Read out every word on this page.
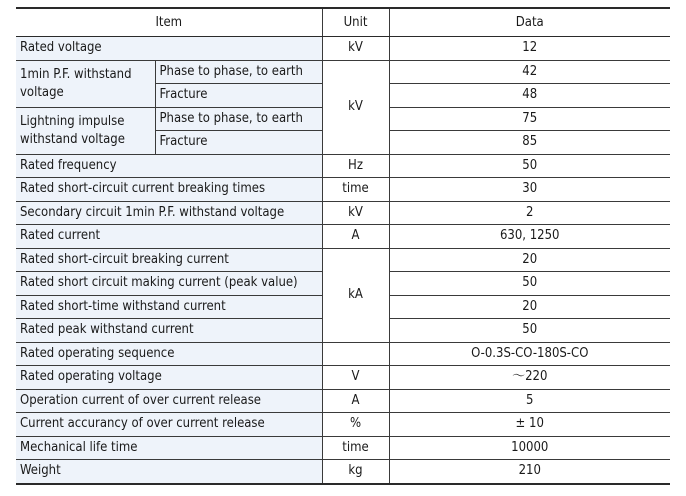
Item		Unit	Data
Rated voltage		kV	12
1min P.F. withstand voltage	Phase to phase, to earth	kV	42
	Fracture		48
Lightning impulse withstand voltage	Phase to phase, to earth		75
	Fracture		85
Rated frequency		Hz	50
Rated short-circuit current breaking times		time	30
Secondary circuit 1min P.F. withstand voltage		kV	2
Rated current		A	630, 1250
Rated short-circuit breaking current		kA	20
Rated short circuit making current (peak value)			50
Rated short-time withstand current			20
Rated peak withstand current			50
Rated operating sequence			O-0.3S-CO-180S-CO
Rated operating voltage		V	～220
Operation current of over current release		A	5
Current accurancy of over current release		%	± 10
Mechanical life time		time	10000
Weight		kg	210
